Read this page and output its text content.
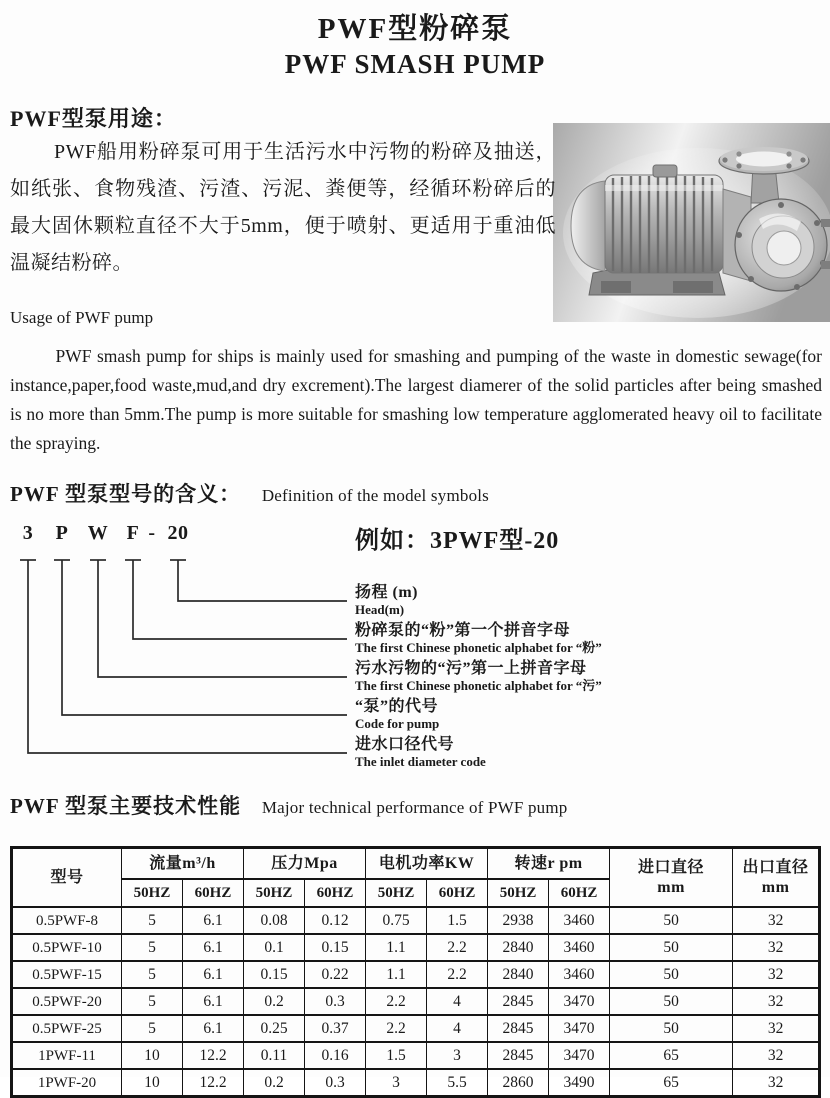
PWF型粉碎泵
PWF SMASH PUMP
PWF型泵用途：

PWF船用粉碎泵可用于生活污水中污物的粉碎及抽送，如纸张、食物残渣、污渣、污泥、粪便等，经循环粉碎后的最大固休颗粒直径不大于5mm，便于喷射、更适用于重油低温凝结粉碎。

Usage of PWF pump

PWF smash pump for ships is mainly used for smashing and pumping of the waste in domestic sewage(for instance,paper,food waste,mud,and dry excrement).The largest diamerer of the solid particles after being smashed is no more than 5mm.The pump is more suitable for smashing low temperature agglomerated heavy oil to facilitate the spraying.

PWF 型泵型号的含义： Definition of the model symbols
3 P W F - 20	例如：3PWF型-20
扬程 (m)
Head(m)
粉碎泵的“粉”第一个拼音字母
The first Chinese phonetic alphabet for “粉”
污水污物的“污”第一上拼音字母
The first Chinese phonetic alphabet for “污”
“泵”的代号
Code for pump
进水口径代号
The inlet diameter code
PWF 型泵主要技术性能 Major technical performance of PWF pump
型号	流量m³/h	压力Mpa	电机功率KW	转速r pm	进口直径
mm

出口直径
mm

	50HZ	60HZ	50HZ	60HZ	50HZ	60HZ	50HZ	60HZ		
0.5PWF-8	5	6.1	0.08	0.12	0.75	1.5	2938	3460	50	32
0.5PWF-10	5	6.1	0.1	0.15	1.1	2.2	2840	3460	50	32
0.5PWF-15	5	6.1	0.15	0.22	1.1	2.2	2840	3460	50	32
0.5PWF-20	5	6.1	0.2	0.3	2.2	4	2845	3470	50	32
0.5PWF-25	5	6.1	0.25	0.37	2.2	4	2845	3470	50	32
1PWF-11	10	12.2	0.11	0.16	1.5	3	2845	3470	65	32
1PWF-20	10	12.2	0.2	0.3	3	5.5	2860	3490	65	32
